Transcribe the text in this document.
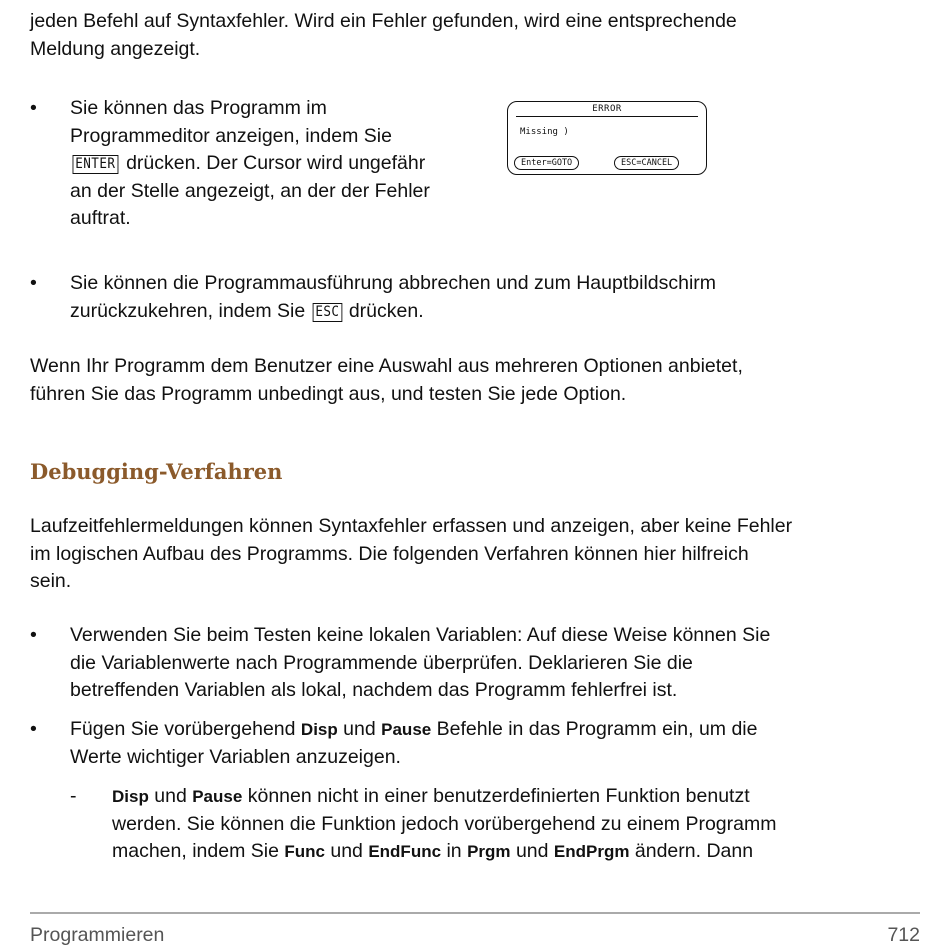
jeden Befehl auf Syntaxfehler. Wird ein Fehler gefunden, wird eine entsprechende
Meldung angezeigt.
• Sie können das Programm im
Programmeditor anzeigen, indem Sie
ENTER drücken. Der Cursor wird ungefähr
an der Stelle angezeigt, an der der Fehler
auftrat.
ERROR
Missing )
Enter=GOTO	ESC=CANCEL
• Sie können die Programmausführung abbrechen und zum Hauptbildschirm
zurückzukehren, indem Sie ESC drücken.
Wenn Ihr Programm dem Benutzer eine Auswahl aus mehreren Optionen anbietet,
führen Sie das Programm unbedingt aus, und testen Sie jede Option.
Debugging-Verfahren
Laufzeitfehlermeldungen können Syntaxfehler erfassen und anzeigen, aber keine Fehler
im logischen Aufbau des Programms. Die folgenden Verfahren können hier hilfreich
sein.
• Verwenden Sie beim Testen keine lokalen Variablen: Auf diese Weise können Sie
die Variablenwerte nach Programmende überprüfen. Deklarieren Sie die
betreffenden Variablen als lokal, nachdem das Programm fehlerfrei ist.
• Fügen Sie vorübergehend Disp und Pause Befehle in das Programm ein, um die
Werte wichtiger Variablen anzuzeigen.
- Disp und Pause können nicht in einer benutzerdefinierten Funktion benutzt
werden. Sie können die Funktion jedoch vorübergehend zu einem Programm
machen, indem Sie Func und EndFunc in Prgm und EndPrgm ändern. Dann
Programmieren	712
